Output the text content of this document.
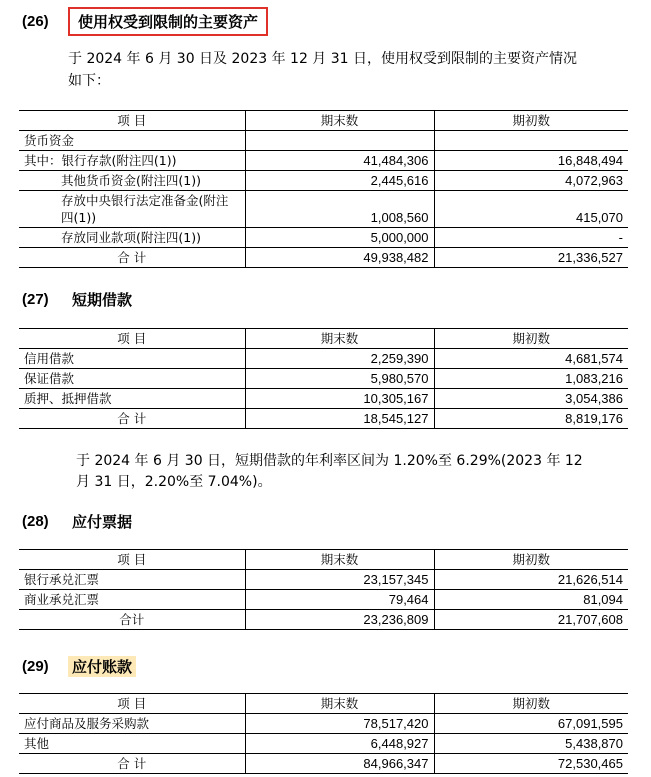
(26)	使用权受到限制的主要资产
于 2024 年 6 月 30 日及 2023 年 12 月 31 日，使用权受到限制的主要资产情况
如下：
项 目	期末数	期初数
货币资金		
其中：银行存款(附注四(1))	41,484,306	16,848,494
其他货币资金(附注四(1))	2,445,616	4,072,963
存放中央银行法定准备金(附注
四(1))	1,008,560	415,070
存放同业款项(附注四(1))	5,000,000	-
合 计	49,938,482	21,336,527
(27)	短期借款
项 目	期末数	期初数
信用借款	2,259,390	4,681,574
保证借款	5,980,570	1,083,216
质押、抵押借款	10,305,167	3,054,386
合 计	18,545,127	8,819,176
于 2024 年 6 月 30 日，短期借款的年利率区间为 1.20%至 6.29%(2023 年 12
月 31 日，2.20%至 7.04%)。
(28)	应付票据
项 目	期末数	期初数
银行承兑汇票	23,157,345	21,626,514
商业承兑汇票	79,464	81,094
合计	23,236,809	21,707,608
(29)	应付账款
项 目	期末数	期初数
应付商品及服务采购款	78,517,420	67,091,595
其他	6,448,927	5,438,870
合 计	84,966,347	72,530,465
